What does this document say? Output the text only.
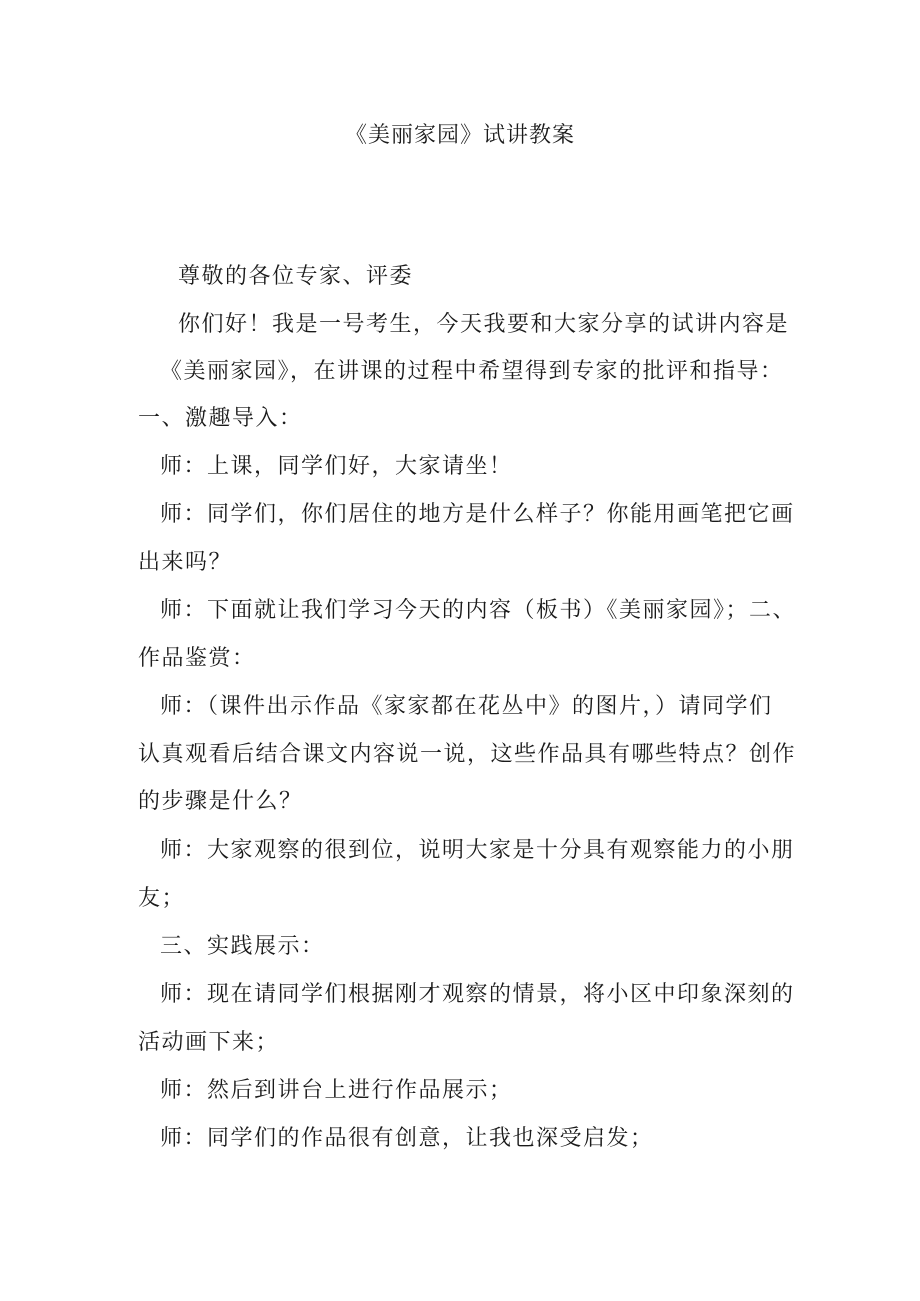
《美丽家园》试讲教案
尊敬的各位专家、评委
你们好！我是一号考生，今天我要和大家分享的试讲内容是
《美丽家园》，在讲课的过程中希望得到专家的批评和指导：
一、激趣导入：
师：上课，同学们好，大家请坐！
师：同学们，你们居住的地方是什么样子？你能用画笔把它画
出来吗？
师：下面就让我们学习今天的内容（板书）《美丽家园》；二、
作品鉴赏：
师：（课件出示作品《家家都在花丛中》的图片，）请同学们
认真观看后结合课文内容说一说，这些作品具有哪些特点？创作
的步骤是什么？
师：大家观察的很到位，说明大家是十分具有观察能力的小朋
友；
三、实践展示：
师：现在请同学们根据刚才观察的情景，将小区中印象深刻的
活动画下来；
师：然后到讲台上进行作品展示；
师：同学们的作品很有创意，让我也深受启发；
